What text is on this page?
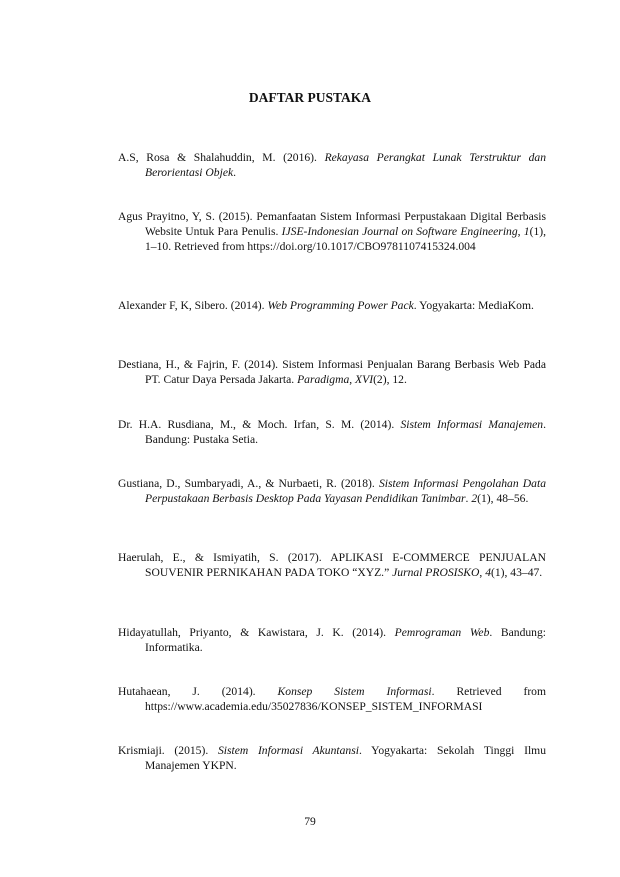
DAFTAR PUSTAKA
A.S, Rosa & Shalahuddin, M. (2016). Rekayasa Perangkat Lunak Terstruktur dan Berorientasi Objek.
Agus Prayitno, Y, S. (2015). Pemanfaatan Sistem Informasi Perpustakaan Digital Berbasis Website Untuk Para Penulis. IJSE-Indonesian Journal on Software Engineering, 1(1), 1–10. Retrieved from https://doi.org/10.1017/CBO9781107415324.004
Alexander F, K, Sibero. (2014). Web Programming Power Pack. Yogyakarta: MediaKom.
Destiana, H., & Fajrin, F. (2014). Sistem Informasi Penjualan Barang Berbasis Web Pada PT. Catur Daya Persada Jakarta. Paradigma, XVI(2), 12.
Dr. H.A. Rusdiana, M., & Moch. Irfan, S. M. (2014). Sistem Informasi Manajemen. Bandung: Pustaka Setia.
Gustiana, D., Sumbaryadi, A., & Nurbaeti, R. (2018). Sistem Informasi Pengolahan Data Perpustakaan Berbasis Desktop Pada Yayasan Pendidikan Tanimbar. 2(1), 48–56.
Haerulah, E., & Ismiyatih, S. (2017). APLIKASI E-COMMERCE PENJUALAN SOUVENIR PERNIKAHAN PADA TOKO “XYZ.” Jurnal PROSISKO, 4(1), 43–47.
Hidayatullah, Priyanto, & Kawistara, J. K. (2014). Pemrograman Web. Bandung: Informatika.
Hutahaean, J. (2014). Konsep Sistem Informasi. Retrieved from https://www.academia.edu/35027836/KONSEP_SISTEM_INFORMASI
Krismiaji. (2015). Sistem Informasi Akuntansi. Yogyakarta: Sekolah Tinggi Ilmu Manajemen YKPN.
79
